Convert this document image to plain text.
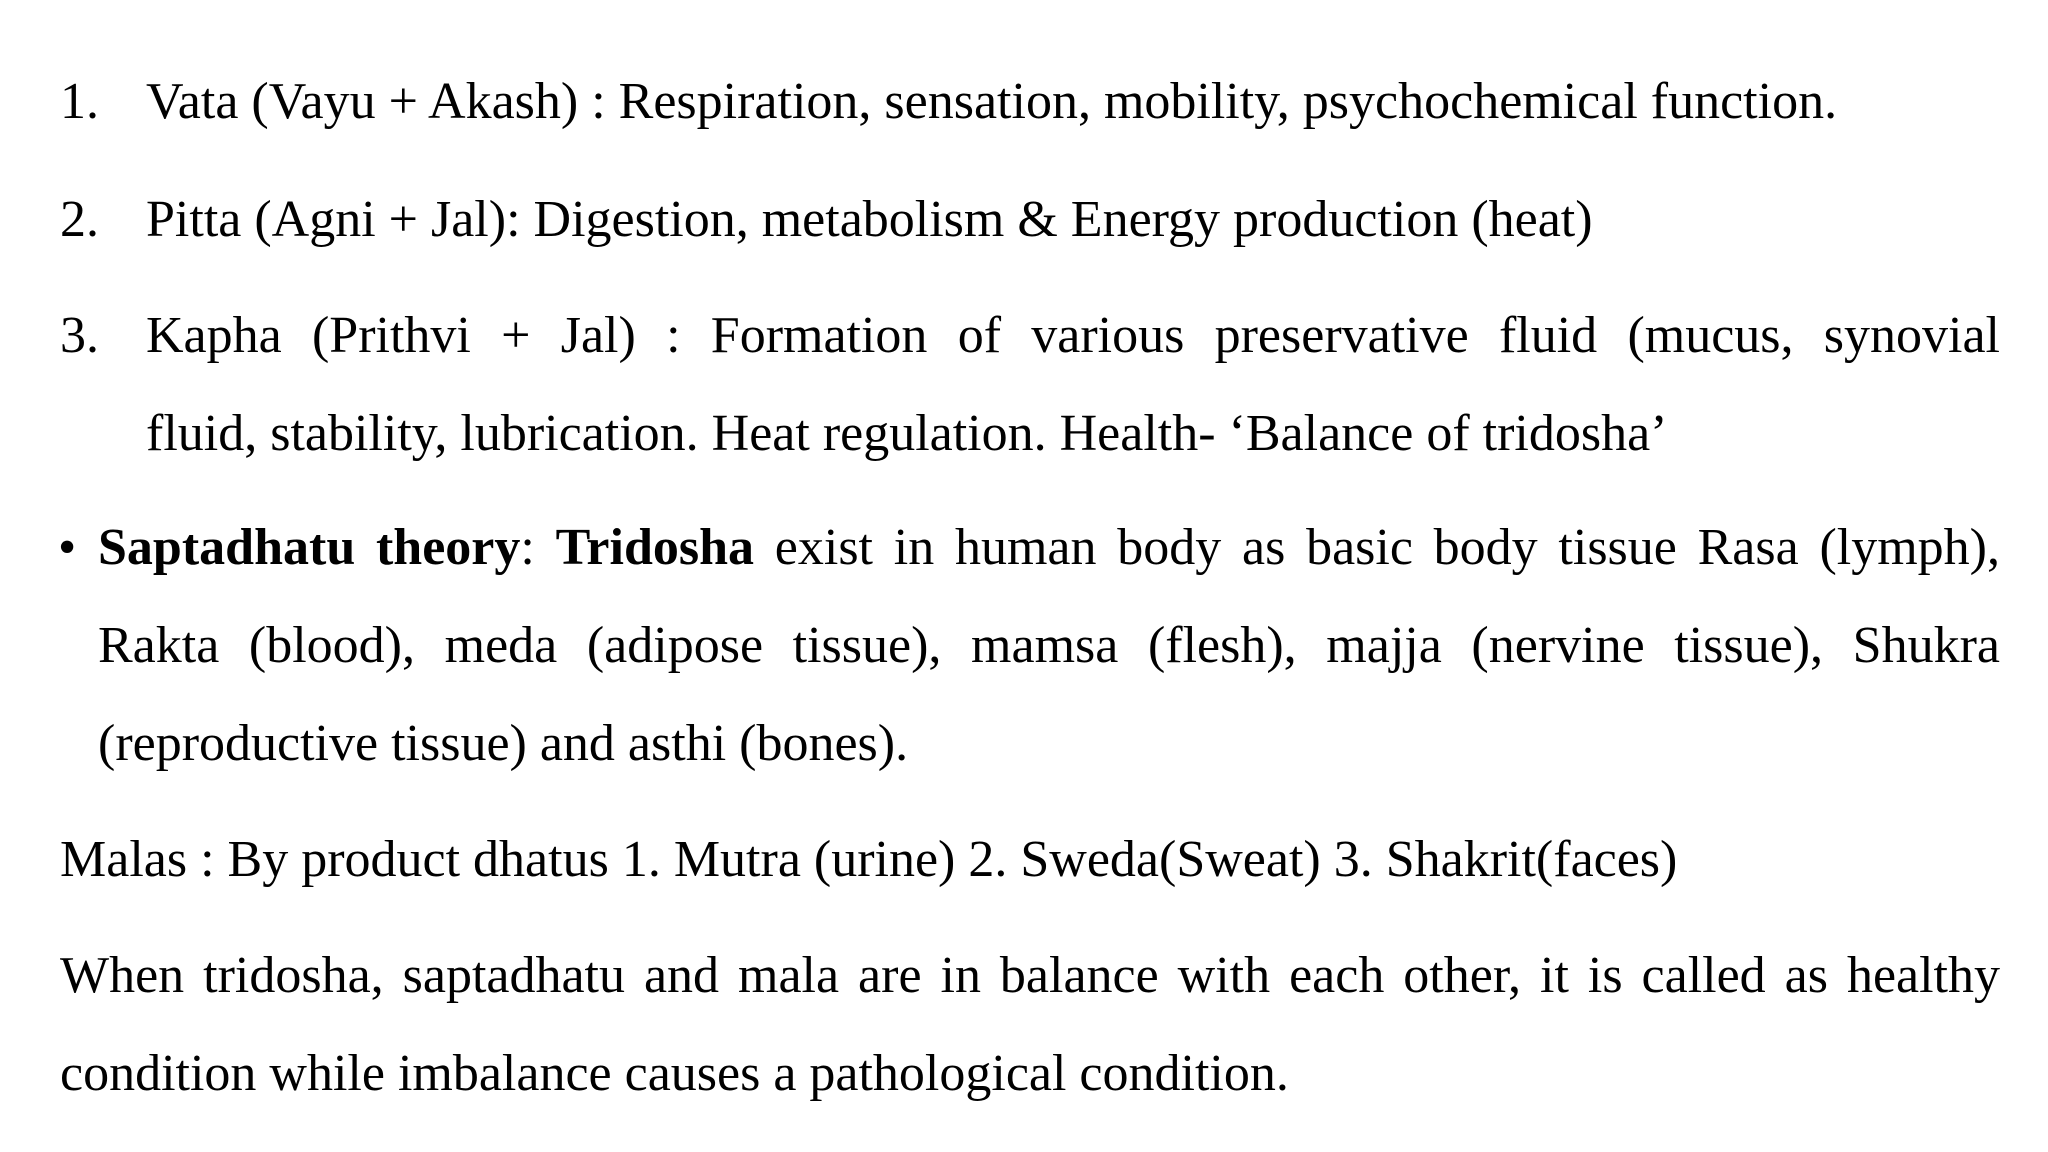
1. Vata (Vayu + Akash) : Respiration, sensation, mobility, psychochemical function.
2. Pitta (Agni + Jal): Digestion, metabolism & Energy production (heat)
3. Kapha (Prithvi + Jal) : Formation of various preservative fluid (mucus, synovial
fluid, stability, lubrication. Heat regulation. Health- ‘Balance of tridosha’
• Saptadhatu theory: Tridosha exist in human body as basic body tissue Rasa (lymph),
Rakta (blood), meda (adipose tissue), mamsa (flesh), majja (nervine tissue), Shukra
(reproductive tissue) and asthi (bones).
Malas : By product dhatus 1. Mutra (urine) 2. Sweda(Sweat) 3. Shakrit(faces)
When tridosha, saptadhatu and mala are in balance with each other, it is called as healthy
condition while imbalance causes a pathological condition.
